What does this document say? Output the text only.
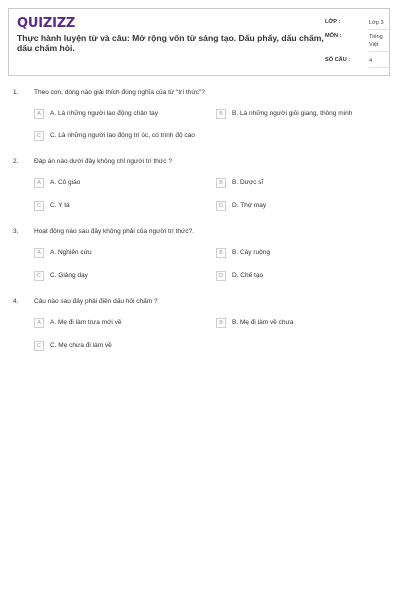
QUIZIZZ
Thực hành luyện từ và câu: Mở rộng vốn từ sáng tạo. Dấu phẩy, dấu chấm, dấu chấm hỏi.
LỚP :	Lớp 3
MÔN :	Tiếng Việt
SỐ CÂU :	4
1. Theo con, dòng nào giải thích đúng nghĩa của từ "trí thức"?
A	A. Là những người lao động chân tay	B	B. Là những người giỏi giang, thông minh
C	C. Là những người lao động trí óc, có trình độ cao
2. Đáp án nào dưới đây không chỉ người trí thức ?
A	A. Cô giáo	B	B. Dược sĩ
C	C. Y tá	D	D. Thợ may
3. Hoạt động nào sau đây không phải của người trí thức?.
A	A. Nghiên cứu	B	B. Cày ruộng
C	C. Giảng dạy	D	D. Chế tạo
4. Câu nào sau đây phải điền dấu hỏi chấm ?
A	A. Mẹ đi làm trưa mới về	B	B. Mẹ đi làm về chưa
C	C. Mẹ chưa đi làm về
